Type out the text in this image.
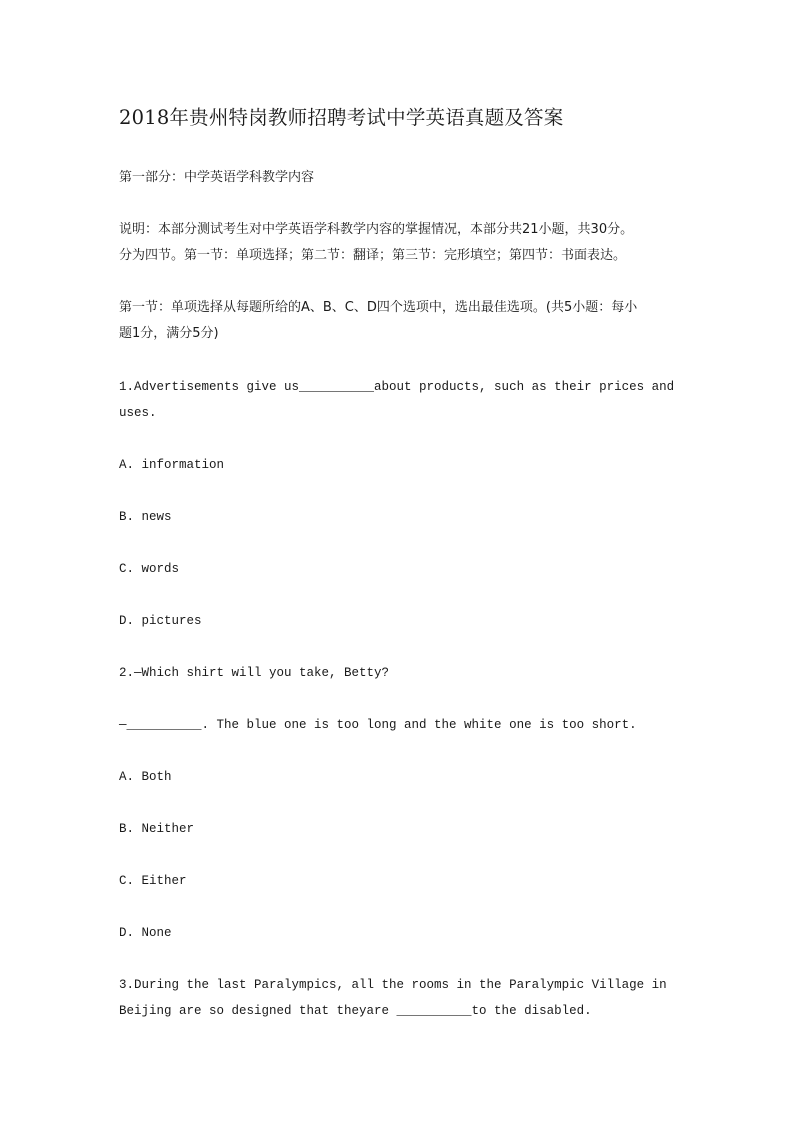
2018年贵州特岗教师招聘考试中学英语真题及答案
第一部分：中学英语学科教学内容
说明：本部分测试考生对中学英语学科教学内容的掌握情况，本部分共21小题，共30分。
分为四节。第一节：单项选择；第二节：翻译；第三节：完形填空；第四节：书面表达。
第一节：单项选择从每题所给的A、B、C、D四个选项中，选出最佳选项。(共5小题：每小
题1分，满分5分)
1.Advertisements give us__________about products, such as their prices and
uses.
A. information
B. news
C. words
D. pictures
2.—Which shirt will you take, Betty?
—__________. The blue one is too long and the white one is too short.
A. Both
B. Neither
C. Either
D. None
3.During the last Paralympics, all the rooms in the Paralympic Village in
Beijing are so designed that theyare __________to the disabled.
